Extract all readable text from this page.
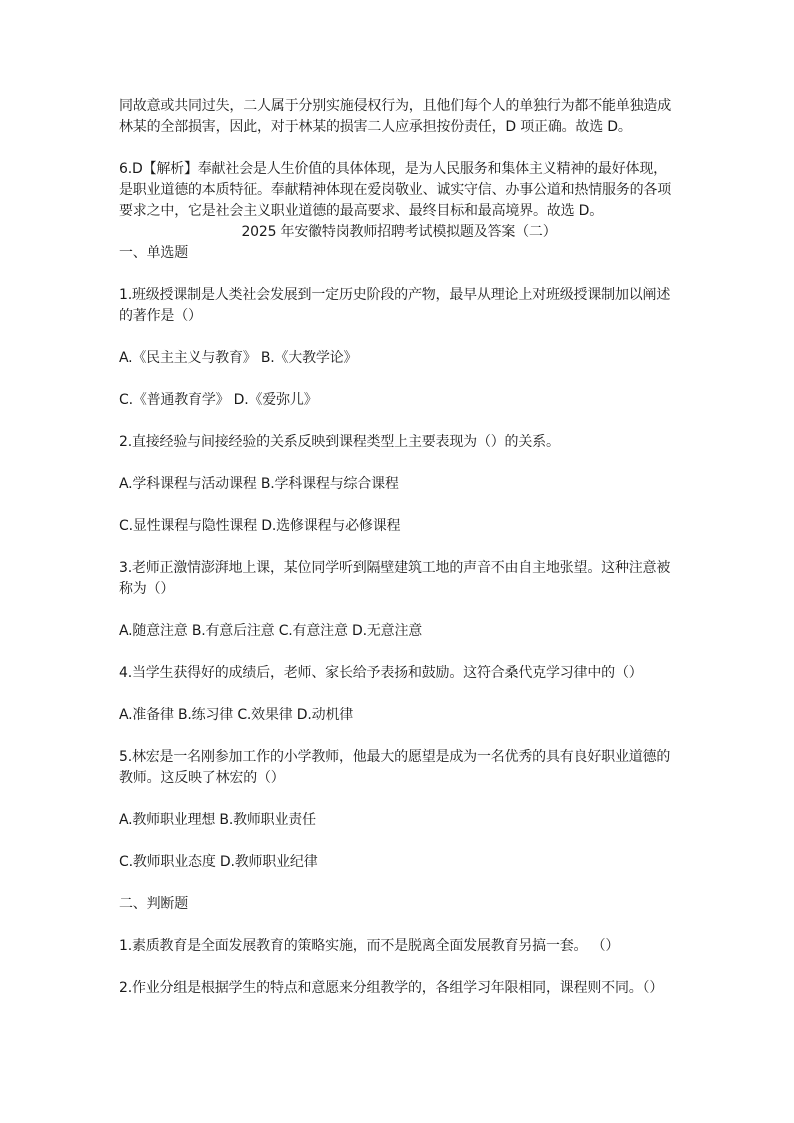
同故意或共同过失，二人属于分别实施侵权行为，且他们每个人的单独行为都不能单独造成林某的全部损害，因此，对于林某的损害二人应承担按份责任，D 项正确。故选 D。

6.D【解析】奉献社会是人生价值的具体体现，是为人民服务和集体主义精神的最好体现，是职业道德的本质特征。奉献精神体现在爱岗敬业、诚实守信、办事公道和热情服务的各项要求之中，它是社会主义职业道德的最高要求、最终目标和最高境界。故选 D。

2025 年安徽特岗教师招聘考试模拟题及答案（二）

一、单选题

1.班级授课制是人类社会发展到一定历史阶段的产物，最早从理论上对班级授课制加以阐述的著作是（）

A.《民主主义与教育》 B.《大教学论》

C.《普通教育学》 D.《爱弥儿》

2.直接经验与间接经验的关系反映到课程类型上主要表现为（）的关系。

A.学科课程与活动课程 B.学科课程与综合课程

C.显性课程与隐性课程 D.选修课程与必修课程

3.老师正激情澎湃地上课，某位同学听到隔壁建筑工地的声音不由自主地张望。这种注意被称为（）

A.随意注意 B.有意后注意 C.有意注意 D.无意注意

4.当学生获得好的成绩后，老师、家长给予表扬和鼓励。这符合桑代克学习律中的（）

A.准备律 B.练习律 C.效果律 D.动机律

5.林宏是一名刚参加工作的小学教师，他最大的愿望是成为一名优秀的具有良好职业道德的教师。这反映了林宏的（）

A.教师职业理想 B.教师职业责任

C.教师职业态度 D.教师职业纪律

二、判断题

1.素质教育是全面发展教育的策略实施，而不是脱离全面发展教育另搞一套。 （）

2.作业分组是根据学生的特点和意愿来分组教学的，各组学习年限相同，课程则不同。（）
